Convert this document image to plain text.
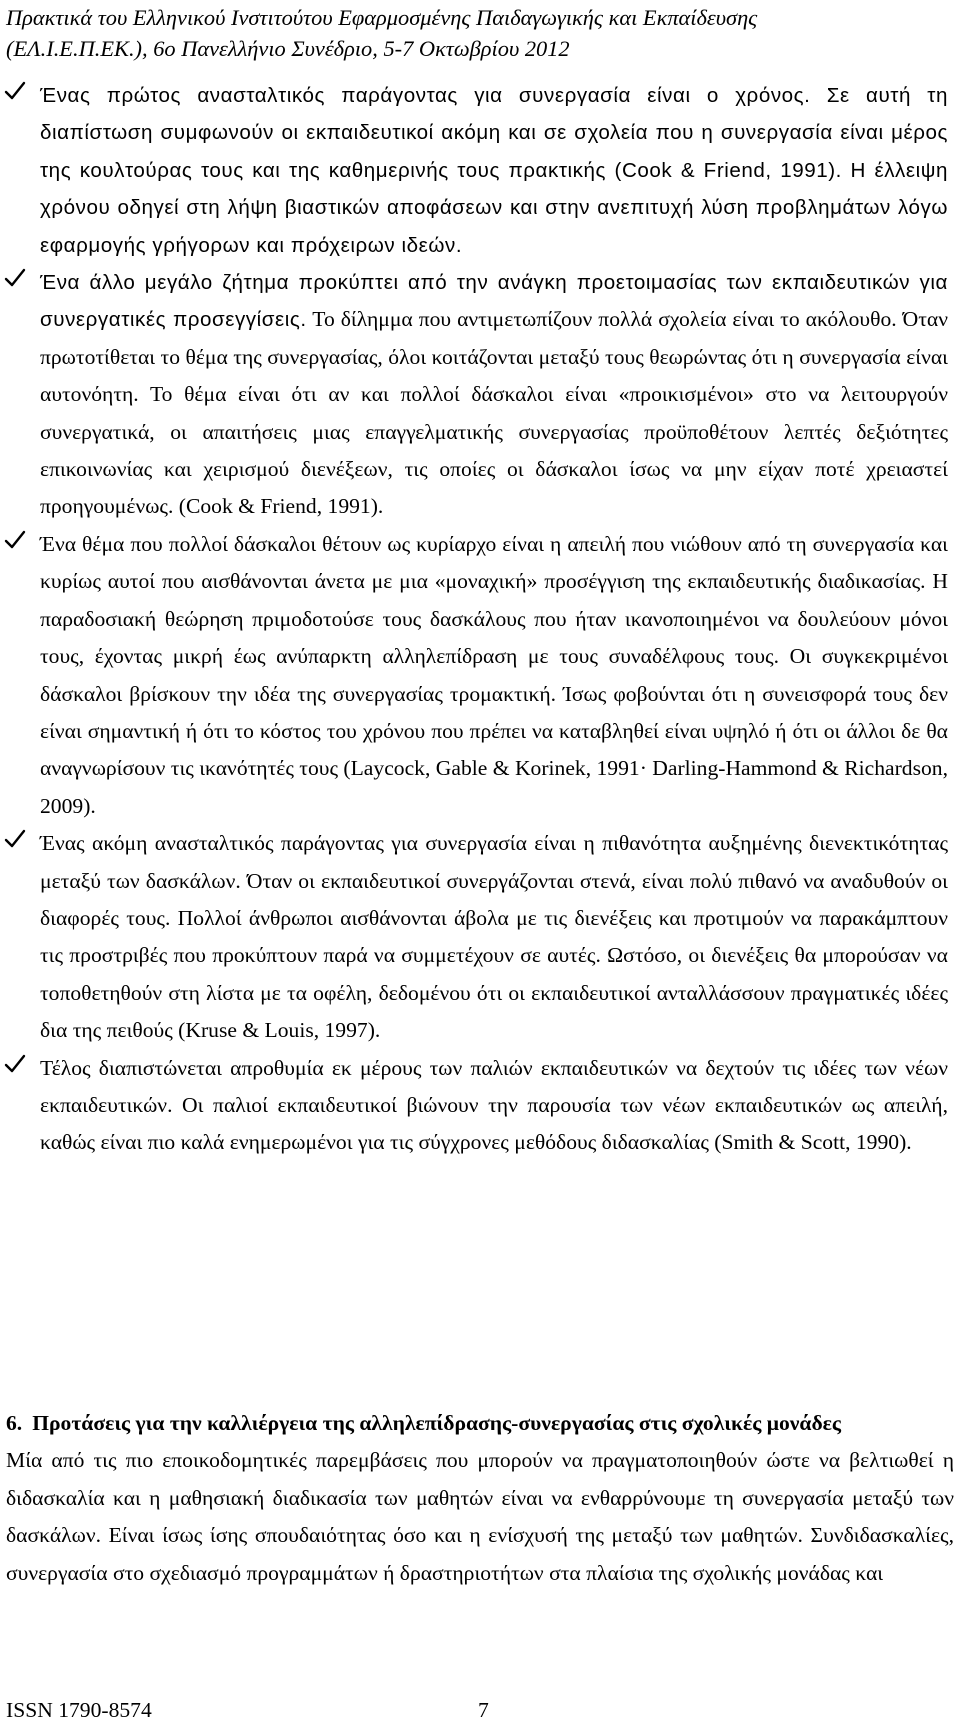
Πρακτικά του Ελληνικού Ινστιτούτου Εφαρμοσμένης Παιδαγωγικής και Εκπαίδευσης
(ΕΛ.Ι.Ε.Π.ΕΚ.), 6ο Πανελλήνιο Συνέδριο, 5-7 Οκτωβρίου 2012
Ένας πρώτος ανασταλτικός παράγοντας για συνεργασία είναι ο χρόνος. Σε αυτή τη διαπίστωση συμφωνούν οι εκπαιδευτικοί ακόμη και σε σχολεία που η συνεργασία είναι μέρος της κουλτούρας τους και της καθημερινής τους πρακτικής (Cook & Friend, 1991). Η έλλειψη χρόνου οδηγεί στη λήψη βιαστικών αποφάσεων και στην ανεπιτυχή λύση προβλημάτων λόγω εφαρμογής γρήγορων και πρόχειρων ιδεών.
Ένα άλλο μεγάλο ζήτημα προκύπτει από την ανάγκη προετοιμασίας των εκπαιδευτικών για συνεργατικές προσεγγίσεις. Το δίλημμα που αντιμετωπίζουν πολλά σχολεία είναι το ακόλουθο. Όταν πρωτοτίθεται το θέμα της συνεργασίας, όλοι κοιτάζονται μεταξύ τους θεωρώντας ότι η συνεργασία είναι αυτονόητη. Το θέμα είναι ότι αν και πολλοί δάσκαλοι είναι «προικισμένοι» στο να λειτουργούν συνεργατικά, οι απαιτήσεις μιας επαγγελματικής συνεργασίας προϋποθέτουν λεπτές δεξιότητες επικοινωνίας και χειρισμού διενέξεων, τις οποίες οι δάσκαλοι ίσως να μην είχαν ποτέ χρειαστεί προηγουμένως. (Cook & Friend, 1991).
Ένα θέμα που πολλοί δάσκαλοι θέτουν ως κυρίαρχο είναι η απειλή που νιώθουν από τη συνεργασία και κυρίως αυτοί που αισθάνονται άνετα με μια «μοναχική» προσέγγιση της εκπαιδευτικής διαδικασίας. Η παραδοσιακή θεώρηση πριμοδοτούσε τους δασκάλους που ήταν ικανοποιημένοι να δουλεύουν μόνοι τους, έχοντας μικρή έως ανύπαρκτη αλληλεπίδραση με τους συναδέλφους τους. Οι συγκεκριμένοι δάσκαλοι βρίσκουν την ιδέα της συνεργασίας τρομακτική. Ίσως φοβούνται ότι η συνεισφορά τους δεν είναι σημαντική ή ότι το κόστος του χρόνου που πρέπει να καταβληθεί είναι υψηλό ή ότι οι άλλοι δε θα αναγνωρίσουν τις ικανότητές τους (Laycock, Gable & Korinek, 1991· Darling-Hammond & Richardson, 2009).
Ένας ακόμη ανασταλτικός παράγοντας για συνεργασία είναι η πιθανότητα αυξημένης διενεκτικότητας μεταξύ των δασκάλων. Όταν οι εκπαιδευτικοί συνεργάζονται στενά, είναι πολύ πιθανό να αναδυθούν οι διαφορές τους. Πολλοί άνθρωποι αισθάνονται άβολα με τις διενέξεις και προτιμούν να παρακάμπτουν τις προστριβές που προκύπτουν παρά να συμμετέχουν σε αυτές. Ωστόσο, οι διενέξεις θα μπορούσαν να τοποθετηθούν στη λίστα με τα οφέλη, δεδομένου ότι οι εκπαιδευτικοί ανταλλάσσουν πραγματικές ιδέες δια της πειθούς (Kruse & Louis, 1997).
Τέλος διαπιστώνεται απροθυμία εκ μέρους των παλιών εκπαιδευτικών να δεχτούν τις ιδέες των νέων εκπαιδευτικών. Οι παλιοί εκπαιδευτικοί βιώνουν την παρουσία των νέων εκπαιδευτικών ως απειλή, καθώς είναι πιο καλά ενημερωμένοι για τις σύγχρονες μεθόδους διδασκαλίας (Smith & Scott, 1990).
6. Προτάσεις για την καλλιέργεια της αλληλεπίδρασης-συνεργασίας στις σχολικές μονάδες
Μία από τις πιο εποικοδομητικές παρεμβάσεις που μπορούν να πραγματοποιηθούν ώστε να βελτιωθεί η διδασκαλία και η μαθησιακή διαδικασία των μαθητών είναι να ενθαρρύνουμε τη συνεργασία μεταξύ των δασκάλων. Είναι ίσως ίσης σπουδαιότητας όσο και η ενίσχυσή της μεταξύ των μαθητών. Συνδιδασκαλίες, συνεργασία στο σχεδιασμό προγραμμάτων ή δραστηριοτήτων στα πλαίσια της σχολικής μονάδας και
ISSN 1790-8574	7
